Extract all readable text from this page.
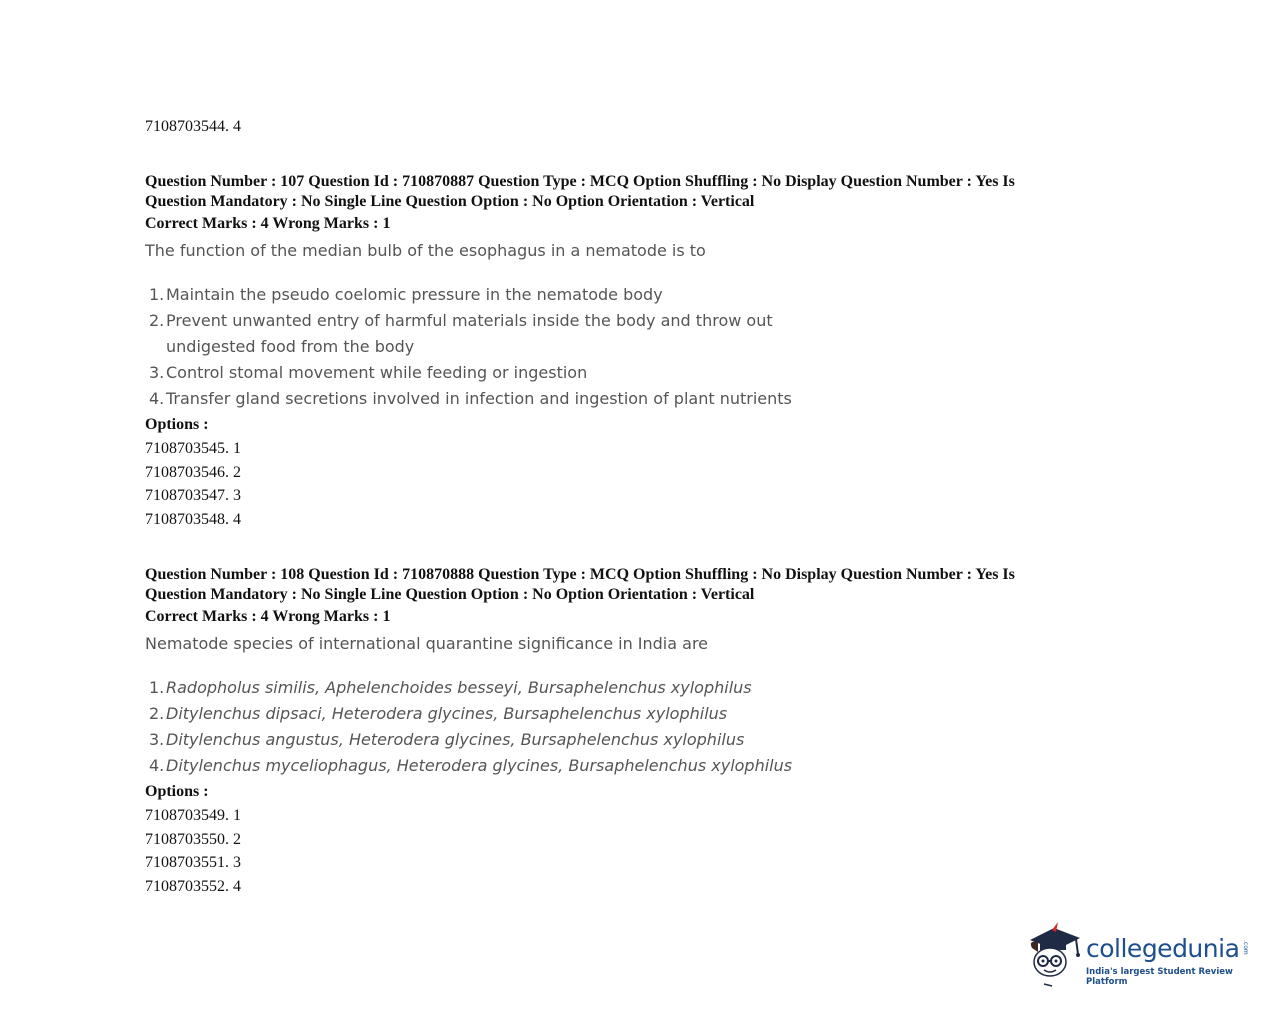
7108703544. 4
Question Number : 107 Question Id : 710870887 Question Type : MCQ Option Shuffling : No Display Question Number : Yes Is
Question Mandatory : No Single Line Question Option : No Option Orientation : Vertical
Correct Marks : 4 Wrong Marks : 1
The function of the median bulb of the esophagus in a nematode is to
1. Maintain the pseudo coelomic pressure in the nematode body
2. Prevent unwanted entry of harmful materials inside the body and throw out undigested food from the body
3. Control stomal movement while feeding or ingestion
4. Transfer gland secretions involved in infection and ingestion of plant nutrients
Options :
7108703545. 1
7108703546. 2
7108703547. 3
7108703548. 4
Question Number : 108 Question Id : 710870888 Question Type : MCQ Option Shuffling : No Display Question Number : Yes Is
Question Mandatory : No Single Line Question Option : No Option Orientation : Vertical
Correct Marks : 4 Wrong Marks : 1
Nematode species of international quarantine significance in India are
1. Radopholus similis, Aphelenchoides besseyi, Bursaphelenchus xylophilus
2. Ditylenchus dipsaci, Heterodera glycines, Bursaphelenchus xylophilus
3. Ditylenchus angustus, Heterodera glycines, Bursaphelenchus xylophilus
4. Ditylenchus myceliophagus, Heterodera glycines, Bursaphelenchus xylophilus
Options :
7108703549. 1
7108703550. 2
7108703551. 3
7108703552. 4
collegedunia .com
India's largest Student Review Platform
